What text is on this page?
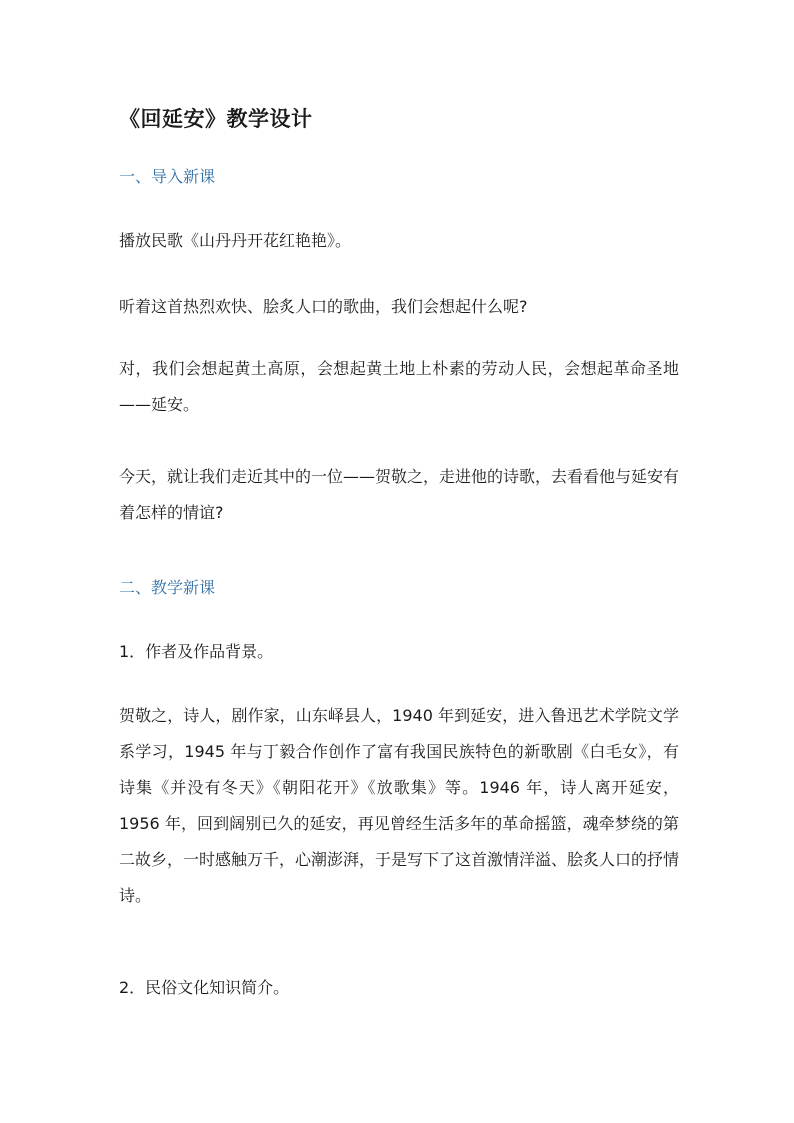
《回延安》教学设计
一、导入新课
播放民歌《山丹丹开花红艳艳》。
听着这首热烈欢快、脍炙人口的歌曲，我们会想起什么呢?
对，我们会想起黄土高原，会想起黄土地上朴素的劳动人民，会想起革命圣地——延安。
今天，就让我们走近其中的一位——贺敬之，走进他的诗歌，去看看他与延安有着怎样的情谊?
二、教学新课
1．作者及作品背景。
贺敬之，诗人，剧作家，山东峄县人，1940 年到延安，进入鲁迅艺术学院文学系学习，1945 年与丁毅合作创作了富有我国民族特色的新歌剧《白毛女》，有诗集《并没有冬天》《朝阳花开》《放歌集》等。1946 年，诗人离开延安，1956 年，回到阔别已久的延安，再见曾经生活多年的革命摇篮，魂牵梦绕的第二故乡，一时感触万千，心潮澎湃，于是写下了这首激情洋溢、脍炙人口的抒情诗。
2．民俗文化知识简介。
